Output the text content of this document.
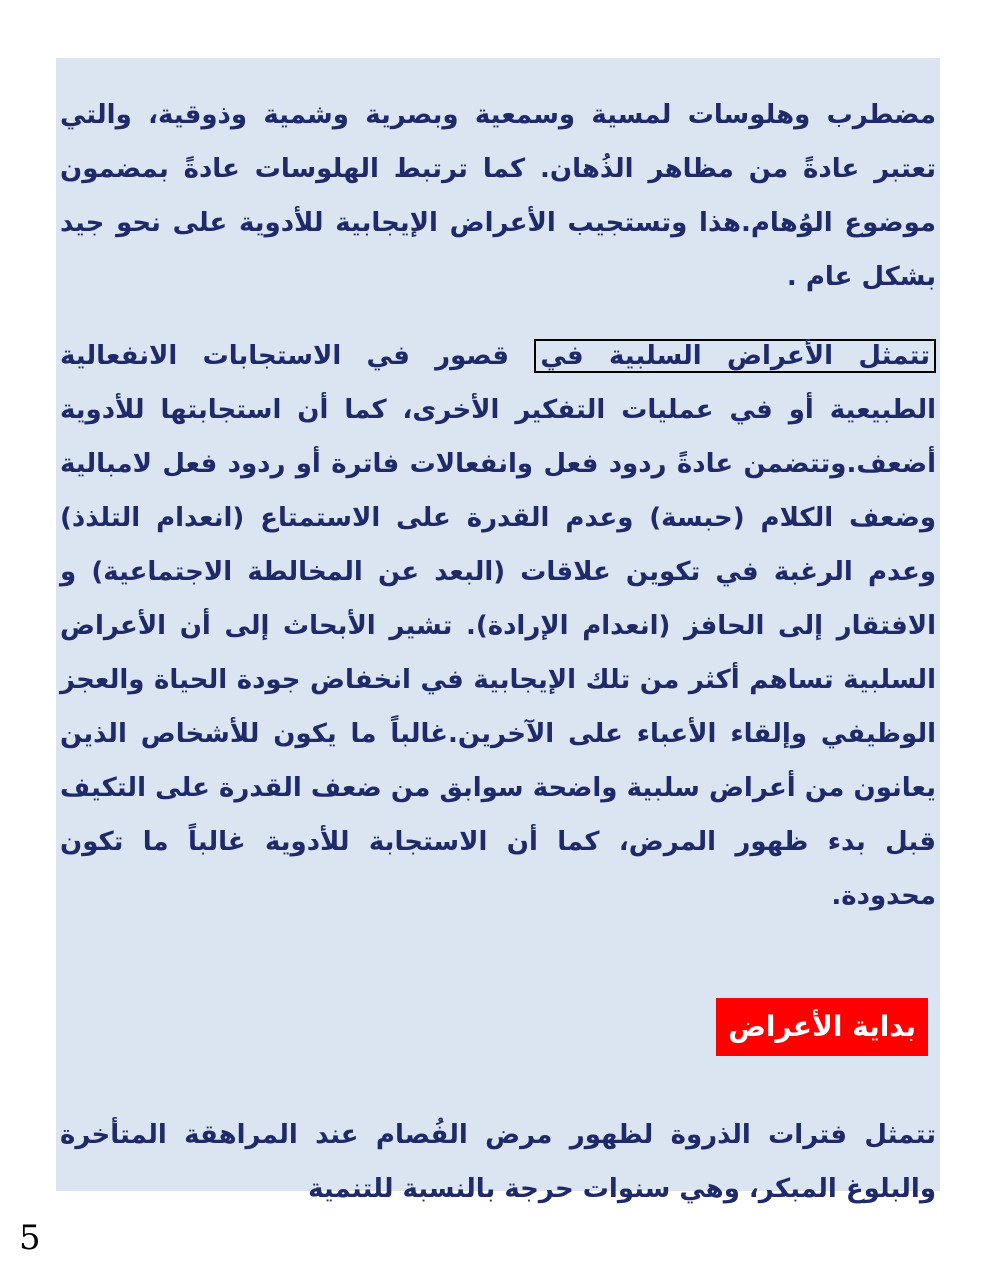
مضطرب وهلوسات لمسية وسمعية وبصرية وشمية وذوقية، والتي تعتبر عادةً من مظاهر الذُهان. كما ترتبط الهلوسات عادةً بمضمون موضوع الوُهام.هذا وتستجيب الأعراض الإيجابية للأدوية على نحو جيد بشكل عام .

تتمثل الأعراض السلبية في قصور في الاستجابات الانفعالية الطبيعية أو في عمليات التفكير الأخرى، كما أن استجابتها للأدوية أضعف.وتتضمن عادةً ردود فعل وانفعالات فاترة أو ردود فعل لامبالية وضعف الكلام (حبسة) وعدم القدرة على الاستمتاع (انعدام التلذذ) وعدم الرغبة في تكوين علاقات (البعد عن المخالطة الاجتماعية) و الافتقار إلى الحافز (انعدام الإرادة). تشير الأبحاث إلى أن الأعراض السلبية تساهم أكثر من تلك الإيجابية في انخفاض جودة الحياة والعجز الوظيفي وإلقاء الأعباء على الآخرين.غالباً ما يكون للأشخاص الذين يعانون من أعراض سلبية واضحة سوابق من ضعف القدرة على التكيف قبل بدء ظهور المرض، كما أن الاستجابة للأدوية غالباً ما تكون محدودة.

بداية الأعراض

تتمثل فترات الذروة لظهور مرض الفُصام عند المراهقة المتأخرة والبلوغ المبكر، وهي سنوات حرجة بالنسبة للتنمية

5
